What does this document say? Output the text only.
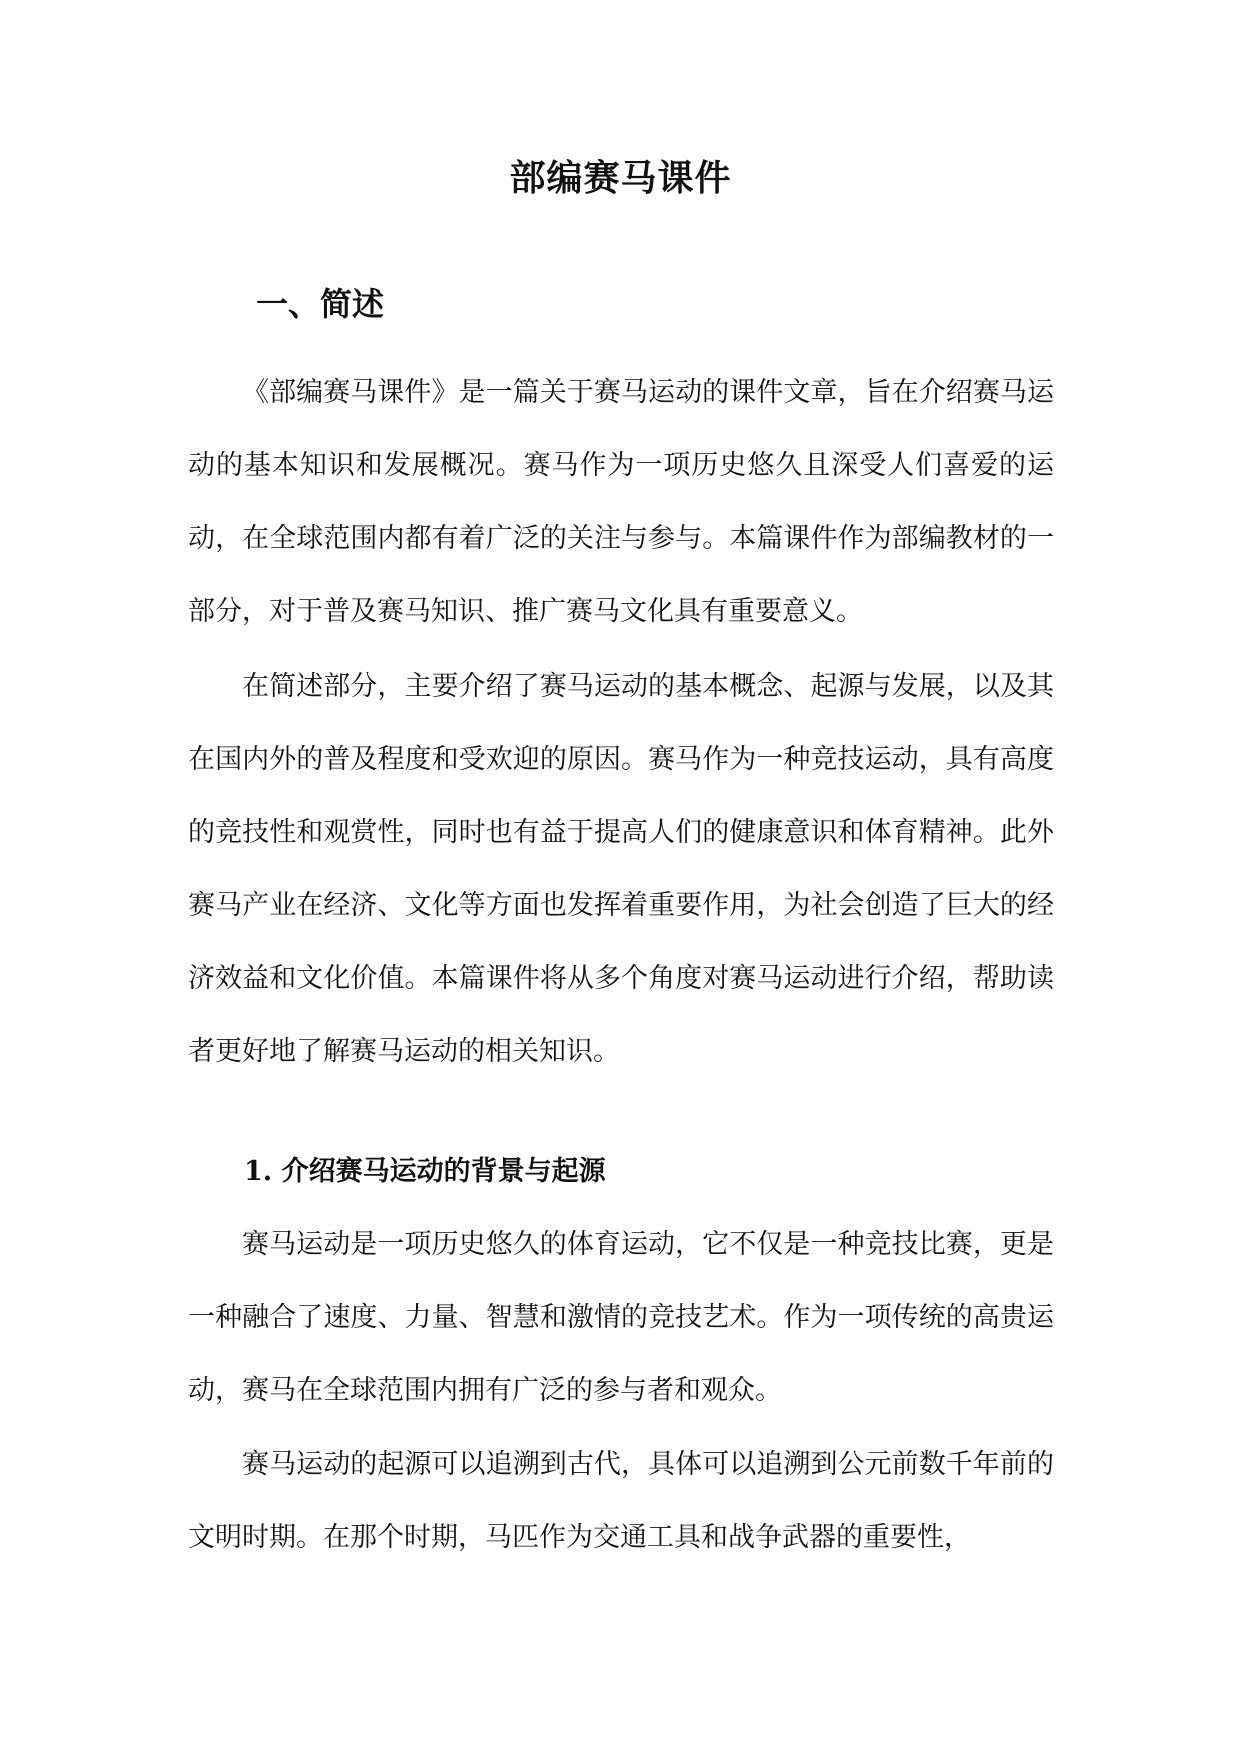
部编赛马课件
一、简述

《部编赛马课件》是一篇关于赛马运动的课件文章，旨在介绍赛马运动的基本知识和发展概况。赛马作为一项历史悠久且深受人们喜爱的运动，在全球范围内都有着广泛的关注与参与。本篇课件作为部编教材的一部分，对于普及赛马知识、推广赛马文化具有重要意义。

在简述部分，主要介绍了赛马运动的基本概念、起源与发展，以及其在国内外的普及程度和受欢迎的原因。赛马作为一种竞技运动，具有高度的竞技性和观赏性，同时也有益于提高人们的健康意识和体育精神。此外赛马产业在经济、文化等方面也发挥着重要作用，为社会创造了巨大的经济效益和文化价值。本篇课件将从多个角度对赛马运动进行介绍，帮助读者更好地了解赛马运动的相关知识。

1. 介绍赛马运动的背景与起源

赛马运动是一项历史悠久的体育运动，它不仅是一种竞技比赛，更是一种融合了速度、力量、智慧和激情的竞技艺术。作为一项传统的高贵运动，赛马在全球范围内拥有广泛的参与者和观众。

赛马运动的起源可以追溯到古代，具体可以追溯到公元前数千年前的文明时期。在那个时期，马匹作为交通工具和战争武器的重要性，
